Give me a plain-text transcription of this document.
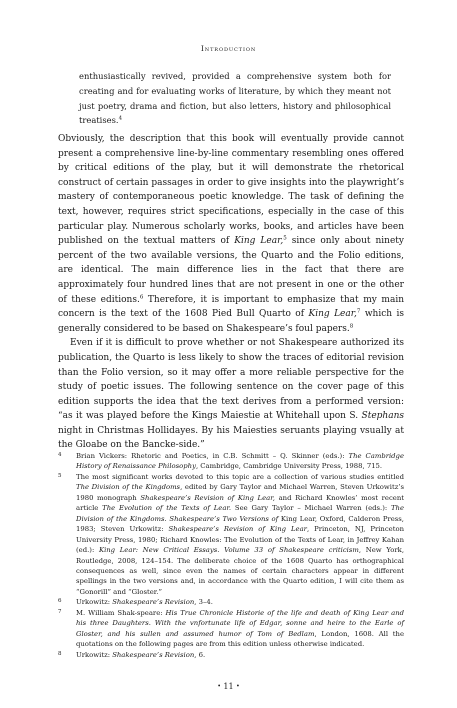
Introduction

enthusiastically revived, provided a comprehensive system both for creating and for evaluating works of literature, by which they meant not just poetry, drama and fiction, but also letters, history and philosophical treatises.$^4$

Obviously, the description that this book will eventually provide cannot present a comprehensive line-by-line commentary resembling ones offered by critical editions of the play, but it will demonstrate the rhetorical construct of certain passages in order to give insights into the playwright’s mastery of contemporaneous poetic knowledge. The task of defining the text, however, requires strict specifications, especially in the case of this particular play. Numerous scholarly works, books, and articles have been published on the textual matters of King Lear,$^5$ since only about ninety percent of the two available versions, the Quarto and the Folio editions, are identical. The main difference lies in the fact that there are approximately four hundred lines that are not present in one or the other of these editions.$^6$ Therefore, it is important to emphasize that my main concern is the text of the 1608 Pied Bull Quarto of King Lear,$^7$ which is generally considered to be based on Shakespeare’s foul papers.$^8$

Even if it is difficult to prove whether or not Shakespeare authorized its publication, the Quarto is less likely to show the traces of editorial revision than the Folio version, so it may offer a more reliable perspective for the study of poetic issues. The following sentence on the cover page of this edition supports the idea that the text derives from a performed version: “as it was played before the Kings Maiestie at Whitehall upon S. Stephans night in Christmas Hollidayes. By his Maiesties seruants playing vsually at the Gloabe on the Bancke-side.”

4	Brian Vickers: Rhetoric and Poetics, in C.B. Schmitt – Q. Skinner (eds.): The Cambridge History of Renaissance Philosophy, Cambridge, Cambridge University Press, 1988, 715.
5	The most significant works devoted to this topic are a collection of various studies entitled The Division of the Kingdoms, edited by Gary Taylor and Michael Warren, Steven Urkowitz’s 1980 monograph Shakespeare’s Revision of King Lear, and Richard Knowles’ most recent article The Evolution of the Texts of Lear. See Gary Taylor – Michael Warren (eds.): The Division of the Kingdoms. Shakespeare’s Two Versions of King Lear, Oxford, Calderon Press, 1983; Steven Urkowitz: Shakespeare’s Revision of King Lear, Princeton, NJ, Princeton University Press, 1980; Richard Knowles: The Evolution of the Texts of Lear, in Jeffrey Kahan (ed.): King Lear: New Critical Essays. Volume 33 of Shakespeare criticism, New York, Routledge, 2008, 124–154. The deliberate choice of the 1608 Quarto has orthographical consequences as well, since even the names of certain characters appear in different spellings in the two versions and, in accordance with the Quarto edition, I will cite them as “Gonorill” and “Gloster.”
6	Urkowitz: Shakespeare’s Revision, 3–4.
7	M. William Shak-speare: His True Chronicle Historie of the life and death of King Lear and his three Daughters. With the vnfortunate life of Edgar, sonne and heire to the Earle of Gloster, and his sullen and assumed humor of Tom of Bedlam, London, 1608. All the quotations on the following pages are from this edition unless otherwise indicated.
8	Urkowitz: Shakespeare’s Revision, 6.
• 11 •
